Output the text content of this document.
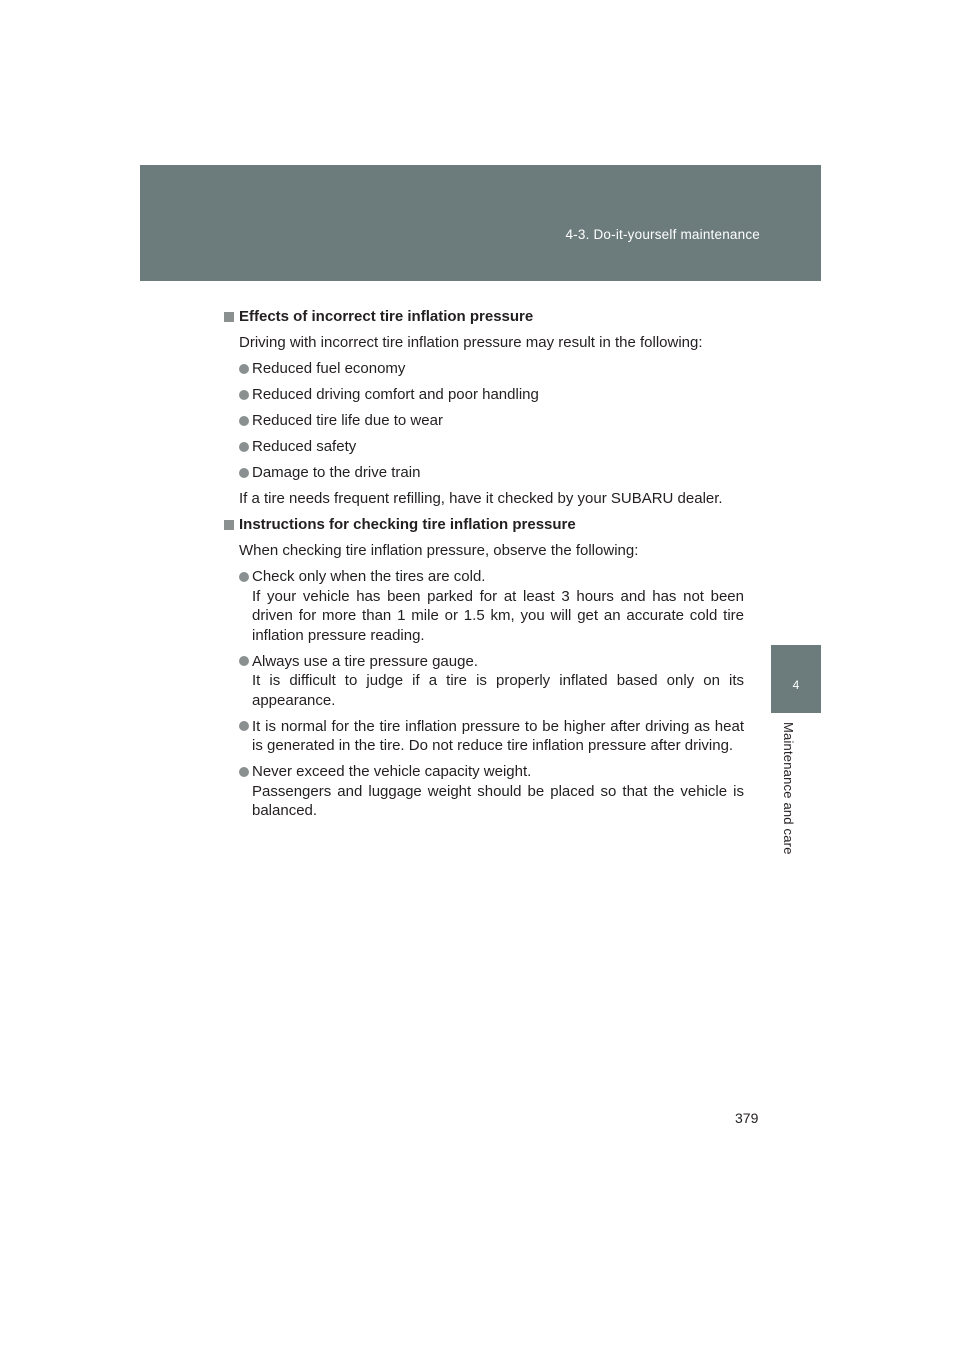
4-3. Do-it-yourself maintenance
4
Maintenance and care
Effects of incorrect tire inflation pressure
Driving with incorrect tire inflation pressure may result in the following:
Reduced fuel economy
Reduced driving comfort and poor handling
Reduced tire life due to wear
Reduced safety
Damage to the drive train
If a tire needs frequent refilling, have it checked by your SUBARU dealer.
Instructions for checking tire inflation pressure
When checking tire inflation pressure, observe the following:
Check only when the tires are cold.
If your vehicle has been parked for at least 3 hours and has not been driven for more than 1 mile or 1.5 km, you will get an accurate cold tire inflation pressure reading.
Always use a tire pressure gauge.
It is difficult to judge if a tire is properly inflated based only on its appearance.
It is normal for the tire inflation pressure to be higher after driving as heat is generated in the tire. Do not reduce tire inflation pressure after driving.
Never exceed the vehicle capacity weight.
Passengers and luggage weight should be placed so that the vehicle is balanced.
379
